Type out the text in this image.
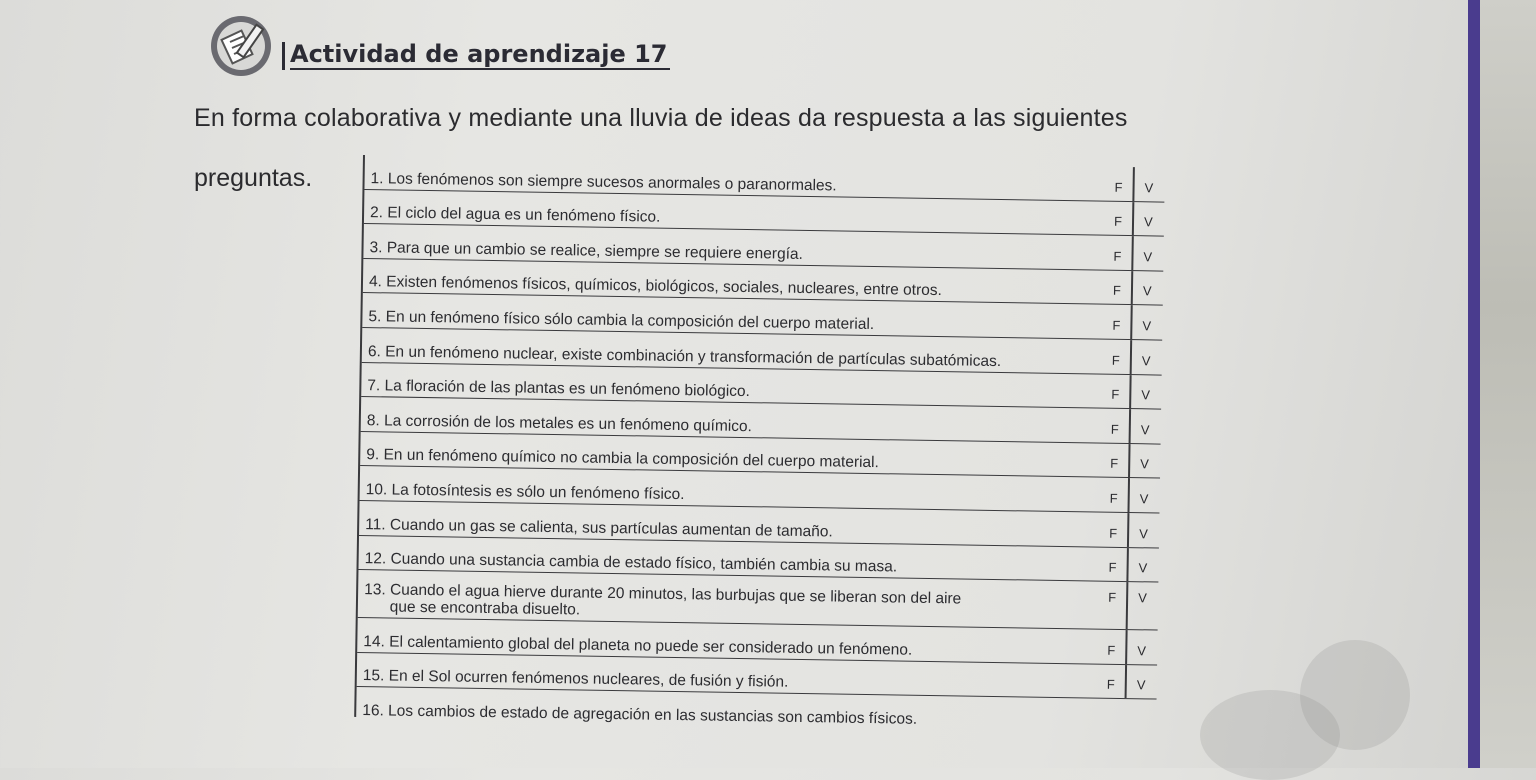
Actividad de aprendizaje 17
En forma colaborativa y mediante una lluvia de ideas da respuesta a las siguientes
preguntas.	1. Los fenómenos son siempre sucesos anormales o paranormales.	F V
2. El ciclo del agua es un fenómeno físico.	F V
3. Para que un cambio se realice, siempre se requiere energía.	F V
4. Existen fenómenos físicos, químicos, biológicos, sociales, nucleares, entre otros.	F V
5. En un fenómeno físico sólo cambia la composición del cuerpo material.	F V
6. En un fenómeno nuclear, existe combinación y transformación de partículas subatómicas.	F V
7. La floración de las plantas es un fenómeno biológico.	F V
8. La corrosión de los metales es un fenómeno químico.	F V
9. En un fenómeno químico no cambia la composición del cuerpo material.	F V
10. La fotosíntesis es sólo un fenómeno físico.	F V
11. Cuando un gas se calienta, sus partículas aumentan de tamaño.	F V
12. Cuando una sustancia cambia de estado físico, también cambia su masa.	F V
13. Cuando el agua hierve durante 20 minutos, las burbujas que se liberan son del aire
que se encontraba disuelto.
F V
14. El calentamiento global del planeta no puede ser considerado un fenómeno.	F V
15. En el Sol ocurren fenómenos nucleares, de fusión y fisión.	F V
16. Los cambios de estado de agregación en las sustancias son cambios físicos.
